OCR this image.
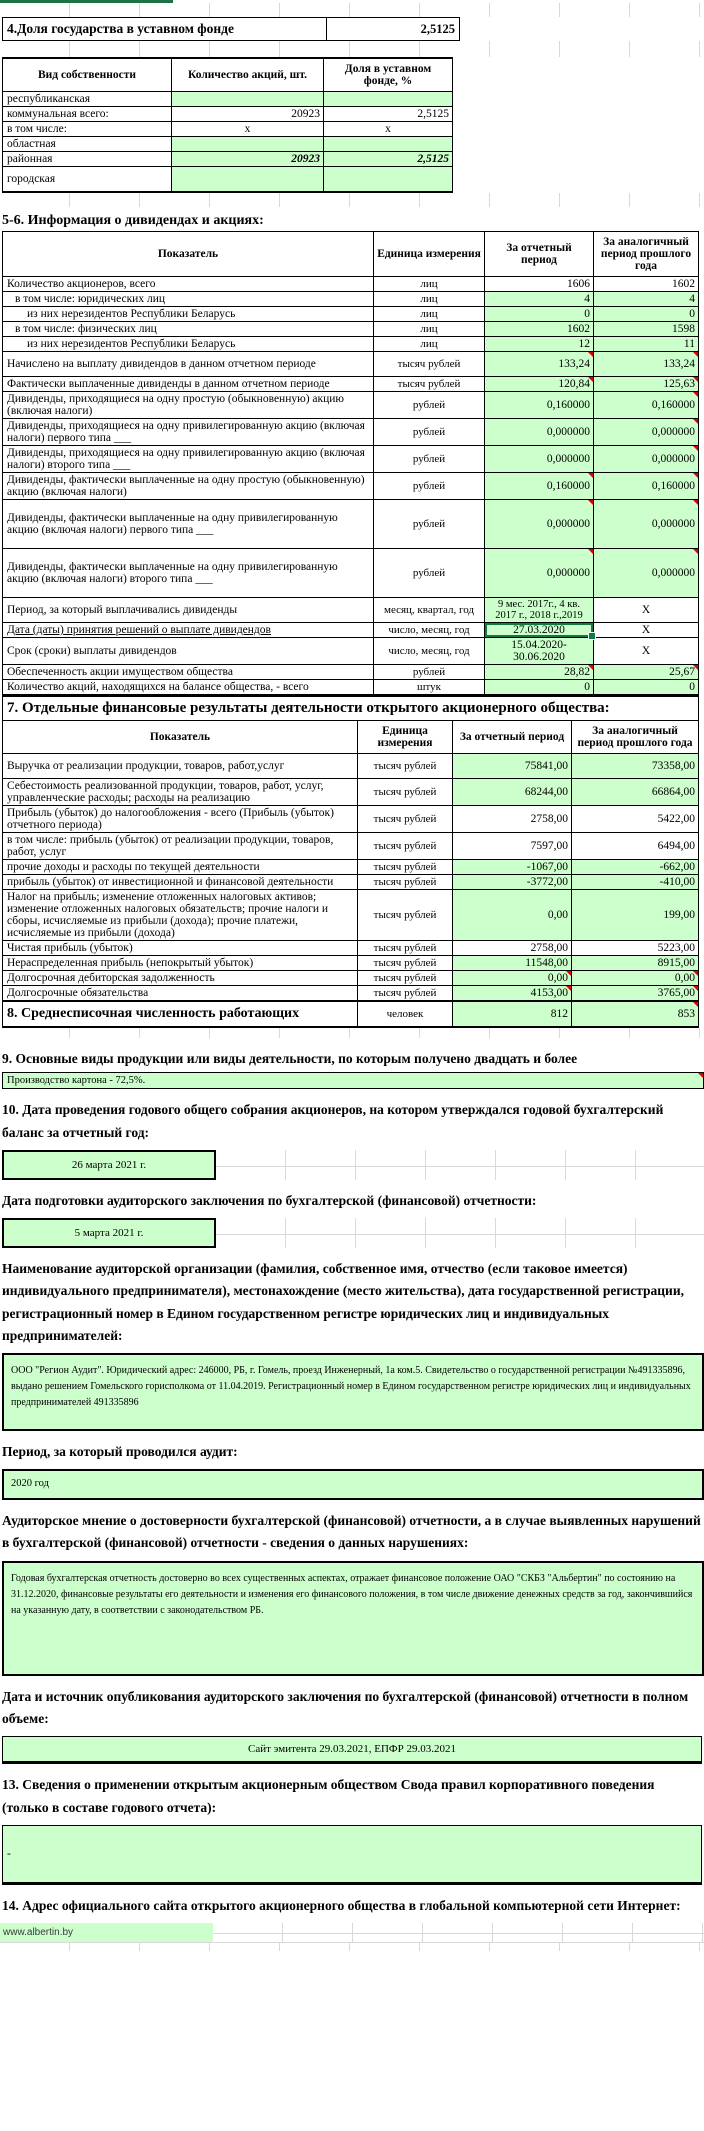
4.Доля государства в уставном фонде	2,5125
Вид собственности	Количество акций, шт.	Доля в уставном фонде, %
республиканская		
коммунальная всего:	20923	2,5125
в том числе:	x	x
областная		
районная	20923	2,5125
городская		
5-6. Информация о дивидендах и акциях:
Показатель	Единица измерения	За отчетный период	За аналогичный период прошлого года
Количество акционеров, всего	лиц	1606	1602
в том числе: юридических лиц	лиц	4	4
из них нерезидентов Республики Беларусь	лиц	0	0
в том числе: физических лиц	лиц	1602	1598
из них нерезидентов Республики Беларусь	лиц	12	11
Начислено на выплату дивидендов в данном отчетном периоде	тысяч рублей	133,24	133,24
Фактически выплаченные дивиденды в данном отчетном периоде	тысяч рублей	120,84	125,63
Дивиденды, приходящиеся на одну простую (обыкновенную) акцию (включая налоги)	рублей	0,160000	0,160000
Дивиденды, приходящиеся на одну привилегированную акцию (включая налоги) первого типа ___	рублей	0,000000	0,000000
Дивиденды, приходящиеся на одну привилегированную акцию (включая налоги) второго типа ___	рублей	0,000000	0,000000
Дивиденды, фактически выплаченные на одну простую (обыкновенную) акцию (включая налоги)	рублей	0,160000	0,160000
Дивиденды, фактически выплаченные на одну привилегированную акцию (включая налоги) первого типа ___	рублей	0,000000	0,000000
Дивиденды, фактически выплаченные на одну привилегированную акцию (включая налоги) второго типа ___	рублей	0,000000	0,000000
Период, за который выплачивались дивиденды	месяц, квартал, год	9 мес. 2017г., 4 кв. 2017 г., 2018 г.,2019	X
Дата (даты) принятия решений о выплате дивидендов	число, месяц, год	27.03.2020	X
Срок (сроки) выплаты дивидендов	число, месяц, год	15.04.2020-30.06.2020	X
Обеспеченность акции имуществом общества	рублей	28,82	25,67
Количество акций, находящихся на балансе общества, - всего	штук	0	0
7. Отдельные финансовые результаты деятельности открытого акционерного общества:			
Показатель	Единица измерения	За отчетный период	За аналогичный период прошлого года
Выручка от реализации продукции, товаров, работ,услуг	тысяч рублей	75841,00	73358,00
Себестоимость реализованной продукции, товаров, работ, услуг, управленческие расходы; расходы на реализацию	тысяч рублей	68244,00	66864,00
Прибыль (убыток) до налогообложения - всего (Прибыль (убыток) отчетного периода)	тысяч рублей	2758,00	5422,00
в том числе: прибыль (убыток) от реализации продукции, товаров, работ, услуг	тысяч рублей	7597,00	6494,00
прочие доходы и расходы по текущей деятельности	тысяч рублей	-1067,00	-662,00
прибыль (убыток) от инвестиционной и финансовой деятельности	тысяч рублей	-3772,00	-410,00
Налог на прибыль; изменение отложенных налоговых активов; изменение отложенных налоговых обязательств; прочие налоги и сборы, исчисляемые из прибыли (дохода); прочие платежи, исчисляемые из прибыли (дохода)	тысяч рублей	0,00	199,00
Чистая прибыль (убыток)	тысяч рублей	2758,00	5223,00
Нераспределенная прибыль (непокрытый убыток)	тысяч рублей	11548,00	8915,00
Долгосрочная дебиторская задолженность	тысяч рублей	0,00	0,00
Долгосрочные обязательства	тысяч рублей	4153,00	3765,00
8. Среднесписочная численность работающих	человек	812	853
9. Основные виды продукции или виды деятельности, по которым получено двадцать и более
Производство картона - 72,5%.
10. Дата проведения годового общего собрания акционеров, на котором утверждался годовой бухгалтерский баланс за отчетный год:
26 марта 2021 г.
Дата подготовки аудиторского заключения по бухгалтерской (финансовой) отчетности:
5 марта 2021 г.
Наименование аудиторской организации (фамилия, собственное имя, отчество (если таковое имеется) индивидуального предпринимателя), местонахождение (место жительства), дата государственной регистрации, регистрационный номер в Едином государственном регистре юридических лиц и индивидуальных предпринимателей:
ООО "Регион Аудит". Юридический адрес: 246000, РБ, г. Гомель, проезд Инженерный, 1а ком.5. Свидетельство о государственной регистрации №491335896, выдано решением Гомельского горисполкома от 11.04.2019. Регистрационный номер в Едином государственном регистре юридических лиц и индивидуальных предпринимателей 491335896
Период, за который проводился аудит:
2020 год
Аудиторское мнение о достоверности бухгалтерской (финансовой) отчетности, а в случае выявленных нарушений в бухгалтерской (финансовой) отчетности - сведения о данных нарушениях:
Годовая бухгалтерская отчетность достоверно во всех существенных аспектах, отражает финансовое положение ОАО "СКБЗ "Альбертин" по состоянию на 31.12.2020, финансовые результаты его деятельности и изменения его финансового положения, в том числе движение денежных средств за год, закончившийся на указанную дату, в соответствии с законодательством РБ.
Дата и источник опубликования аудиторского заключения по бухгалтерской (финансовой) отчетности в полном объеме:
Сайт эмитента 29.03.2021, ЕПФР 29.03.2021
13. Сведения о применении открытым акционерным обществом Свода правил корпоративного поведения (только в составе годового отчета):
-
14. Адрес официального сайта открытого акционерного общества в глобальной компьютерной сети Интернет:
www.albertin.by
